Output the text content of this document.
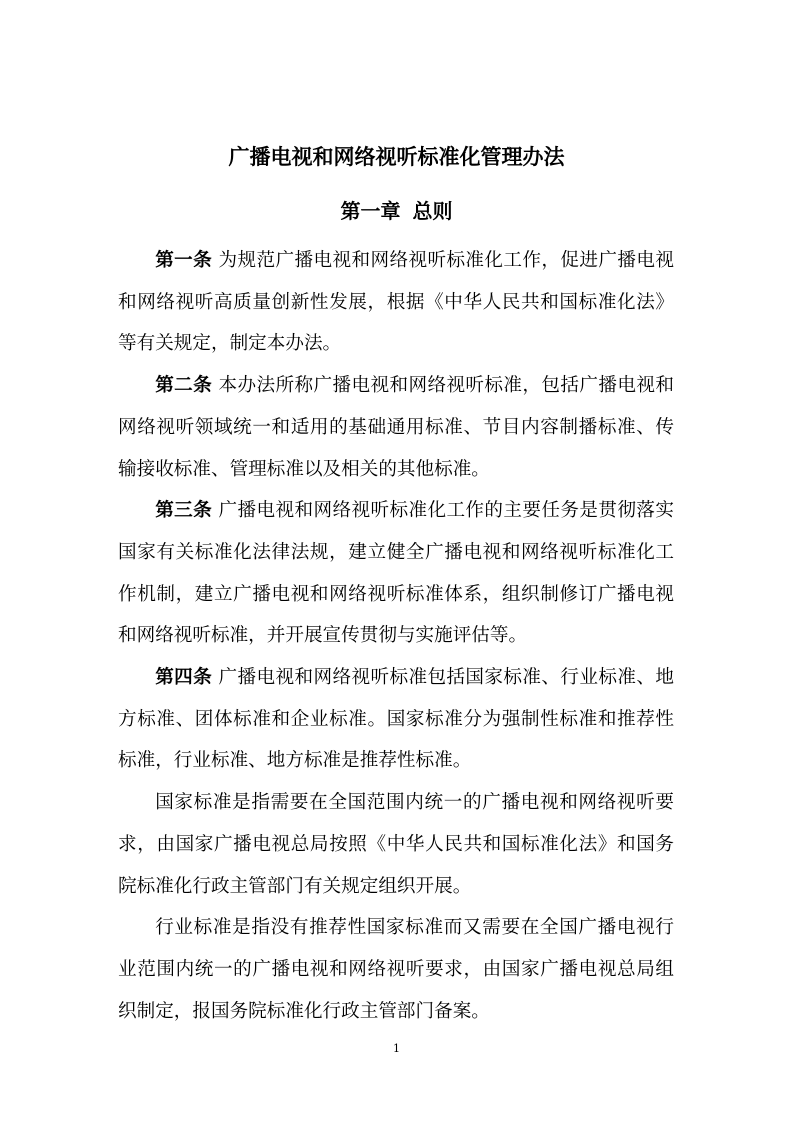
广播电视和网络视听标准化管理办法
第一章 总则

第一条 为规范广播电视和网络视听标准化工作，促进广播电视和网络视听高质量创新性发展，根据《中华人民共和国标准化法》等有关规定，制定本办法。

第二条 本办法所称广播电视和网络视听标准，包括广播电视和网络视听领域统一和适用的基础通用标准、节目内容制播标准、传输接收标准、管理标准以及相关的其他标准。

第三条 广播电视和网络视听标准化工作的主要任务是贯彻落实国家有关标准化法律法规，建立健全广播电视和网络视听标准化工作机制，建立广播电视和网络视听标准体系，组织制修订广播电视和网络视听标准，并开展宣传贯彻与实施评估等。

第四条 广播电视和网络视听标准包括国家标准、行业标准、地方标准、团体标准和企业标准。国家标准分为强制性标准和推荐性标准，行业标准、地方标准是推荐性标准。

国家标准是指需要在全国范围内统一的广播电视和网络视听要求，由国家广播电视总局按照《中华人民共和国标准化法》和国务院标准化行政主管部门有关规定组织开展。

行业标准是指没有推荐性国家标准而又需要在全国广播电视行业范围内统一的广播电视和网络视听要求，由国家广播电视总局组织制定，报国务院标准化行政主管部门备案。

1
